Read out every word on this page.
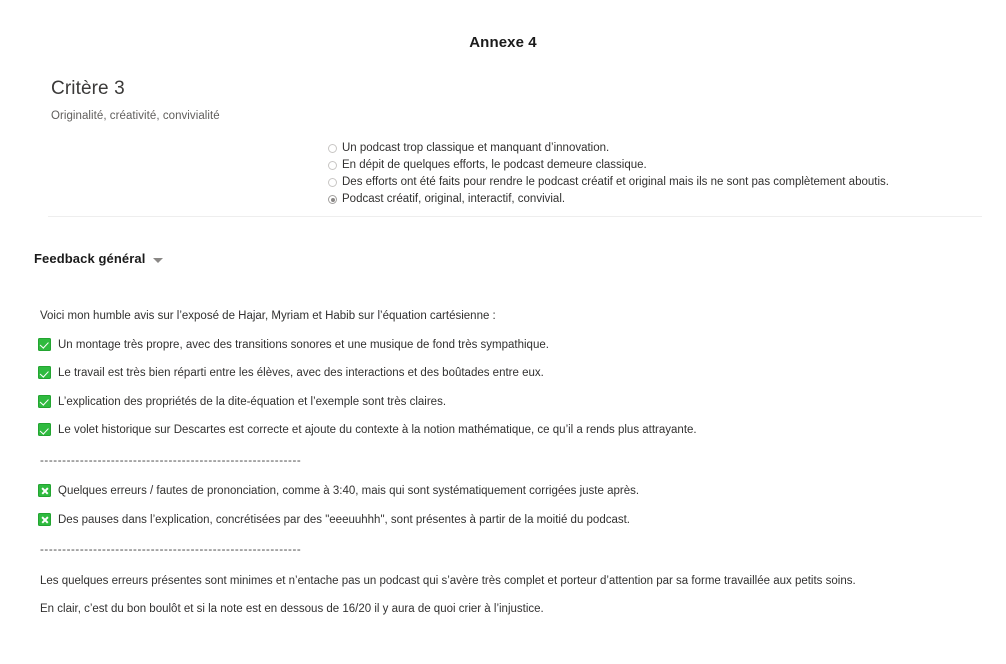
Annexe 4
Critère 3
Originalité, créativité, convivialité
Un podcast trop classique et manquant d’innovation.
En dépit de quelques efforts, le podcast demeure classique.
Des efforts ont été faits pour rendre le podcast créatif et original mais ils ne sont pas complètement aboutis.
Podcast créatif, original, interactif, convivial.
Feedback général
Voici mon humble avis sur l’exposé de Hajar, Myriam et Habib sur l’équation cartésienne :
Un montage très propre, avec des transitions sonores et une musique de fond très sympathique.
Le travail est très bien réparti entre les élèves, avec des interactions et des boûtades entre eux.
L’explication des propriétés de la dite-équation et l’exemple sont très claires.
Le volet historique sur Descartes est correcte et ajoute du contexte à la notion mathématique, ce qu’il a rends plus attrayante.
-----------------------------------------------------------
Quelques erreurs / fautes de prononciation, comme à 3:40, mais qui sont systématiquement corrigées juste après.
Des pauses dans l’explication, concrétisées par des "eeeuuhhh", sont présentes à partir de la moitié du podcast.
-----------------------------------------------------------
Les quelques erreurs présentes sont minimes et n’entache pas un podcast qui s’avère très complet et porteur d’attention par sa forme travaillée aux petits soins.
En clair, c’est du bon boulôt et si la note est en dessous de 16/20 il y aura de quoi crier à l’injustice.
